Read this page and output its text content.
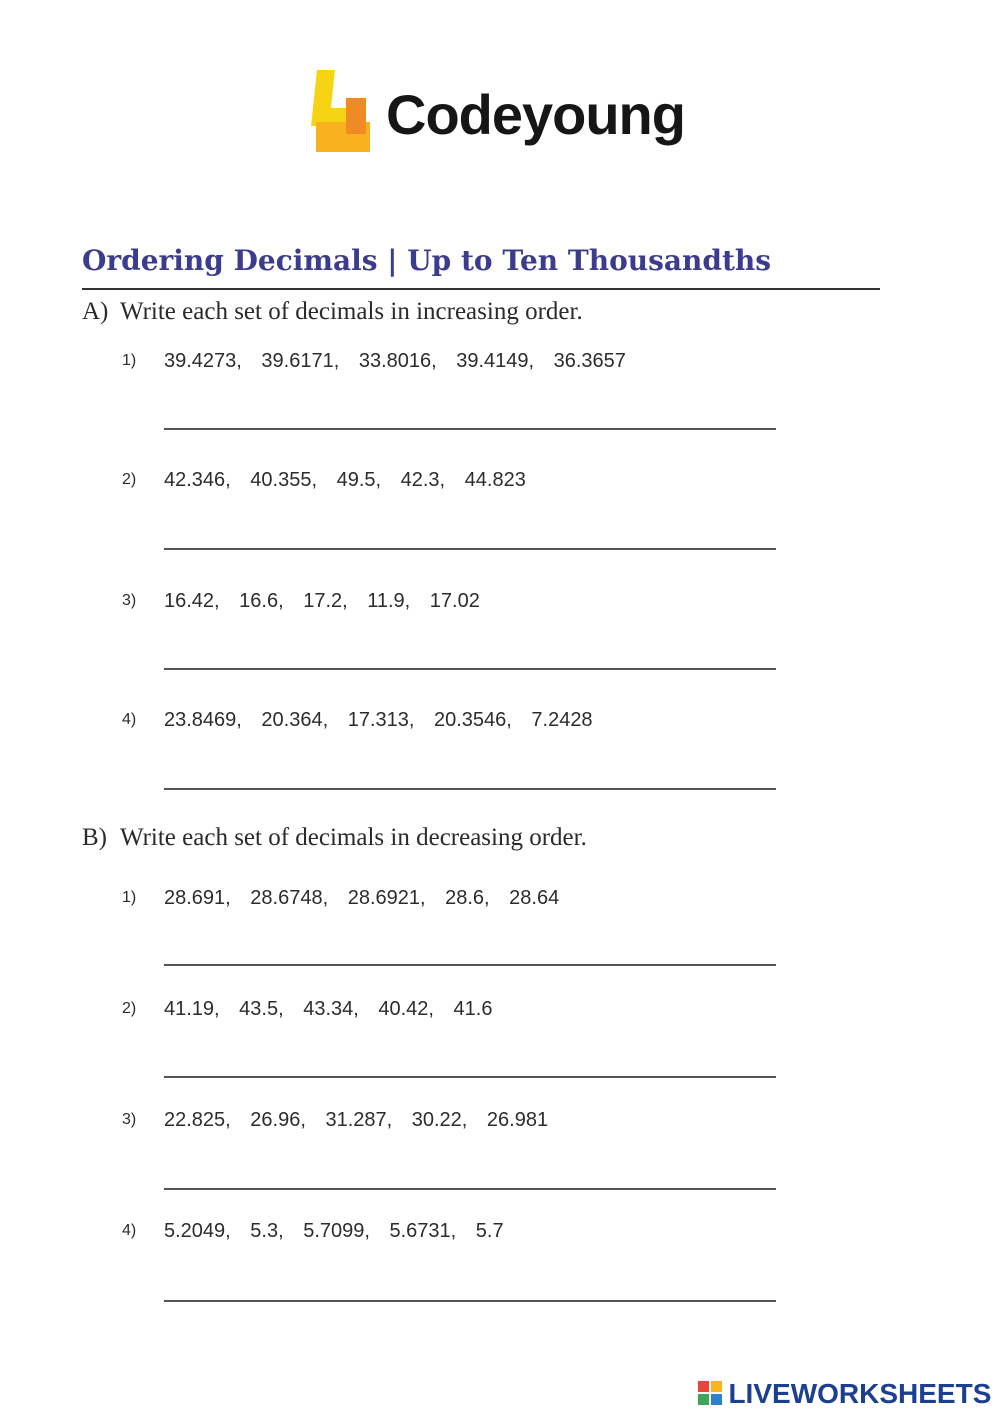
Codeyoung
Ordering Decimals | Up to Ten Thousandths
A) Write each set of decimals in increasing order.
1) 39.4273, 39.6171, 33.8016, 39.4149, 36.3657
2) 42.346, 40.355, 49.5, 42.3, 44.823
3) 16.42, 16.6, 17.2, 11.9, 17.02
4) 23.8469, 20.364, 17.313, 20.3546, 7.2428
B) Write each set of decimals in decreasing order.
1) 28.691, 28.6748, 28.6921, 28.6, 28.64
2) 41.19, 43.5, 43.34, 40.42, 41.6
3) 22.825, 26.96, 31.287, 30.22, 26.981
4) 5.2049, 5.3, 5.7099, 5.6731, 5.7
LIVEWORKSHEETS
